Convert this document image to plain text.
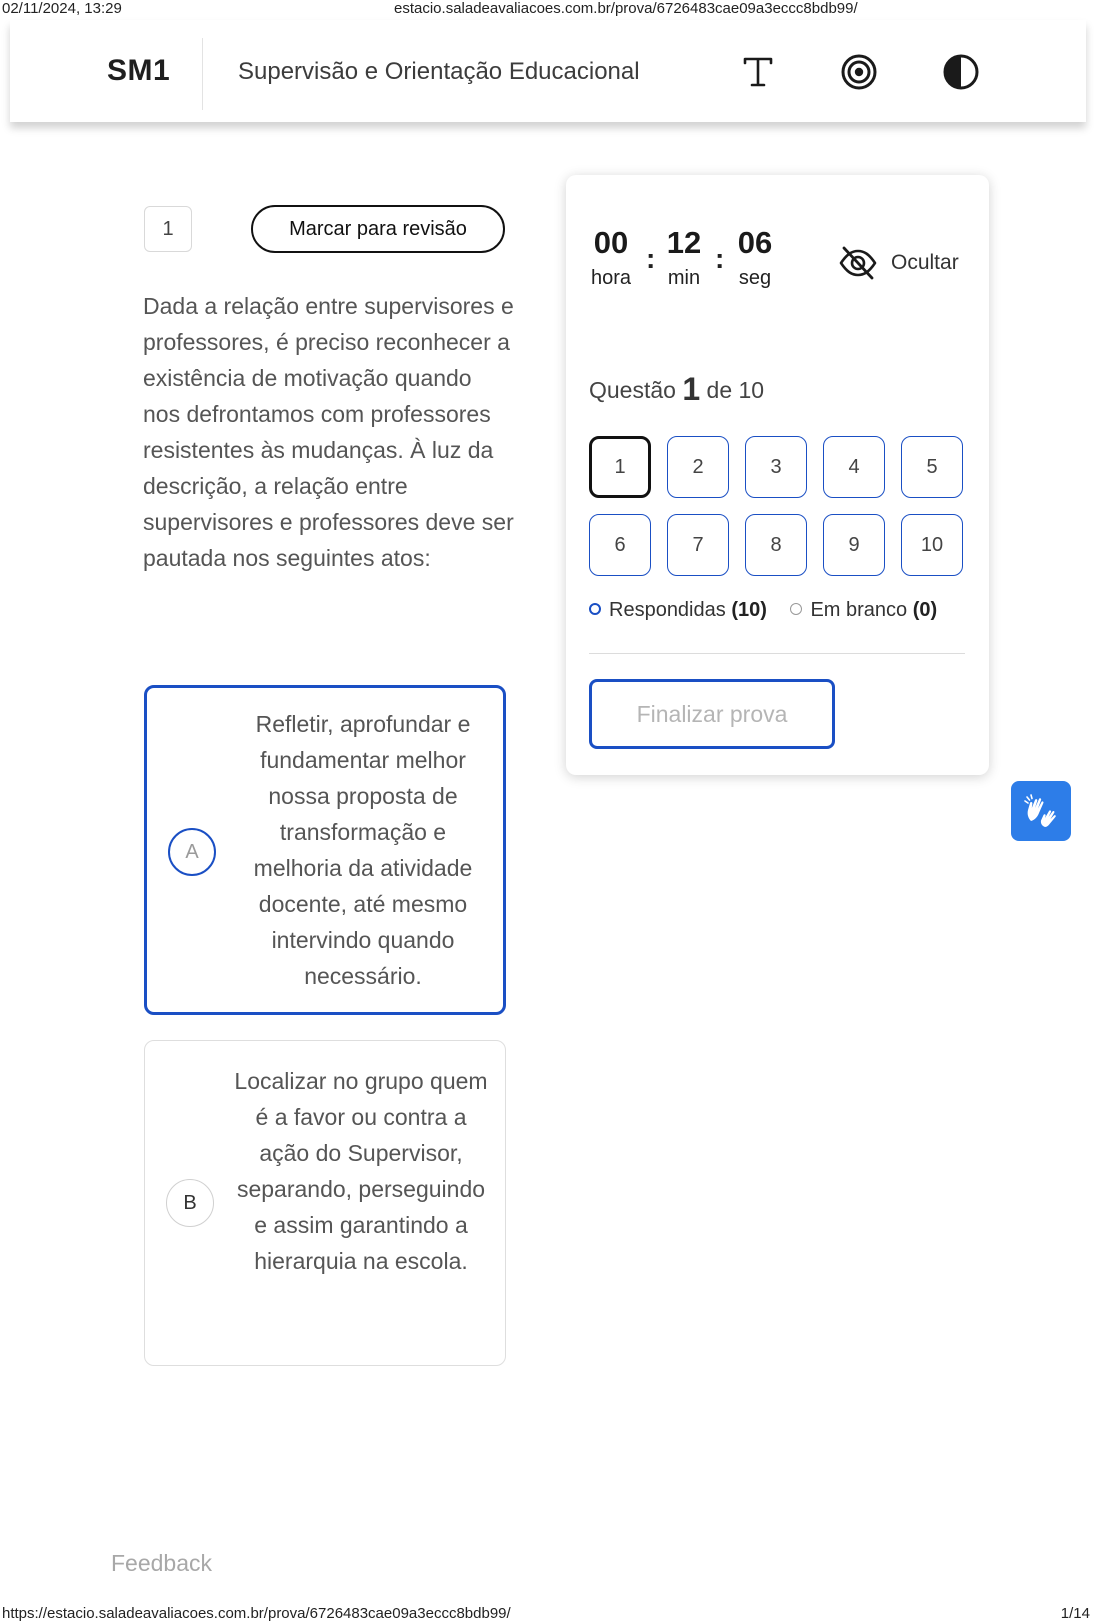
02/11/2024, 13:29	estacio.saladeavaliacoes.com.br/prova/6726483cae09a3eccc8bdb99/
SM1	Supervisão e Orientação Educacional
1	Marcar para revisão
Dada a relação entre supervisores e professores, é preciso reconhecer a existência de motivação quando nos defrontamos com professores resistentes às mudanças. À luz da descrição, a relação entre supervisores e professores deve ser pautada nos seguintes atos:
A
Refletir, aprofundar e fundamentar melhor nossa proposta de transformação e melhoria da atividade docente, até mesmo intervindo quando necessário.
B
Localizar no grupo quem é a favor ou contra a ação do Supervisor, separando, perseguindo e assim garantindo a hierarquia na escola.
00
hora
: 12
min
: 06
seg
Ocultar
Questão 1 de 10
1	2	3	4	5
6	7	8	9	10
Respondidas (10) Em branco (0)
Finalizar prova
Feedback
https://estacio.saladeavaliacoes.com.br/prova/6726483cae09a3eccc8bdb99/	1/14
